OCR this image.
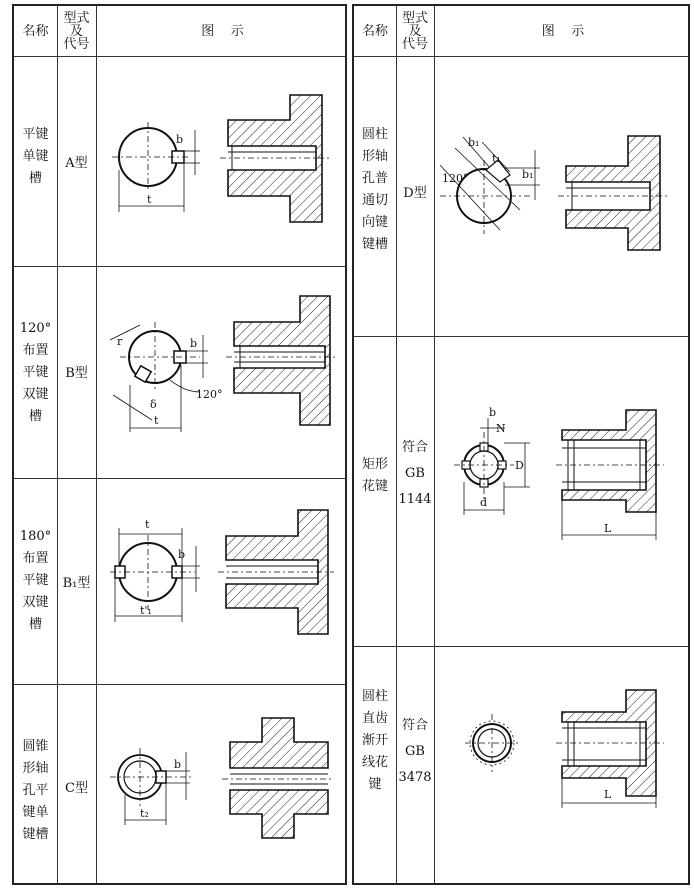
名称
型式
及
代号
图    示
平键
单键
槽
A型
120°
布置
平键
双键
槽
B型
180°
布置
平键
双键
槽
B₁型
圆锥
形轴
孔平
键单
键槽
C型
名称
型式
及
代号
图    示
圆柱
形轴
孔普
通切
向键
键槽
D型
矩形
花键
符合
GB
1144
圆柱
直齿
渐开
线花
键
符合
GB
3478
b
t
r	b
δ
t
120°
t
b
t'₁
b
t₂
b₁
t₁
b₁
120°
b
N
D
d
L
L
